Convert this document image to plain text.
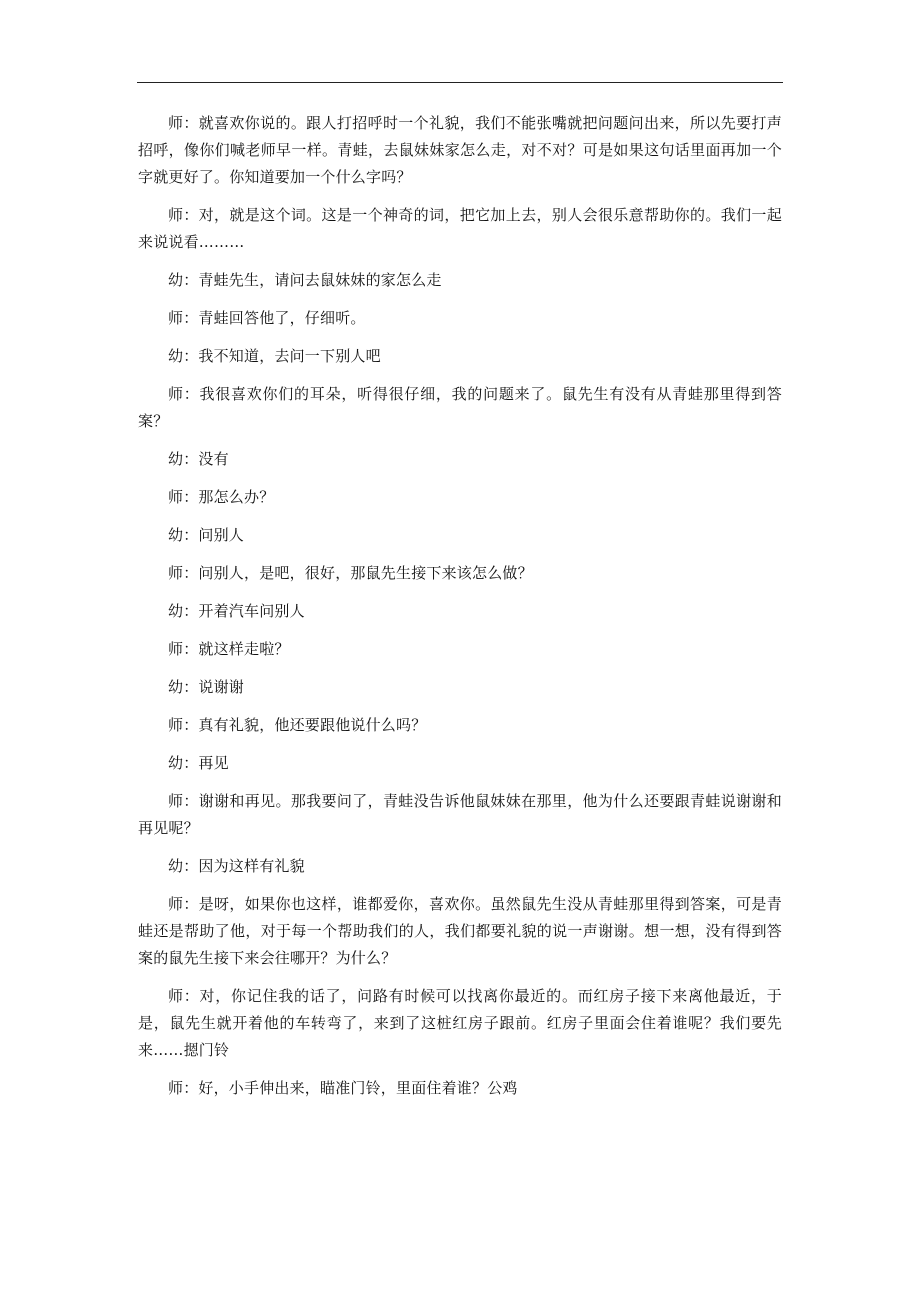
师：就喜欢你说的。跟人打招呼时一个礼貌，我们不能张嘴就把问题问出来，所以先要打声招呼，像你们喊老师早一样。青蛙，去鼠妹妹家怎么走，对不对？可是如果这句话里面再加一个字就更好了。你知道要加一个什么字吗？

师：对，就是这个词。这是一个神奇的词，把它加上去，别人会很乐意帮助你的。我们一起来说说看………

幼：青蛙先生，请问去鼠妹妹的家怎么走

师：青蛙回答他了，仔细听。

幼：我不知道，去问一下别人吧

师：我很喜欢你们的耳朵，听得很仔细，我的问题来了。鼠先生有没有从青蛙那里得到答案？

幼：没有

师：那怎么办？

幼：问别人

师：问别人，是吧，很好，那鼠先生接下来该怎么做？

幼：开着汽车问别人

师：就这样走啦？

幼：说谢谢

师：真有礼貌，他还要跟他说什么吗？

幼：再见

师：谢谢和再见。那我要问了，青蛙没告诉他鼠妹妹在那里，他为什么还要跟青蛙说谢谢和再见呢？

幼：因为这样有礼貌

师：是呀，如果你也这样，谁都爱你，喜欢你。虽然鼠先生没从青蛙那里得到答案，可是青蛙还是帮助了他，对于每一个帮助我们的人，我们都要礼貌的说一声谢谢。想一想，没有得到答案的鼠先生接下来会往哪开？为什么？

师：对，你记住我的话了，问路有时候可以找离你最近的。而红房子接下来离他最近，于是，鼠先生就开着他的车转弯了，来到了这桩红房子跟前。红房子里面会住着谁呢？我们要先来……摁门铃

师：好，小手伸出来，瞄准门铃，里面住着谁？公鸡
